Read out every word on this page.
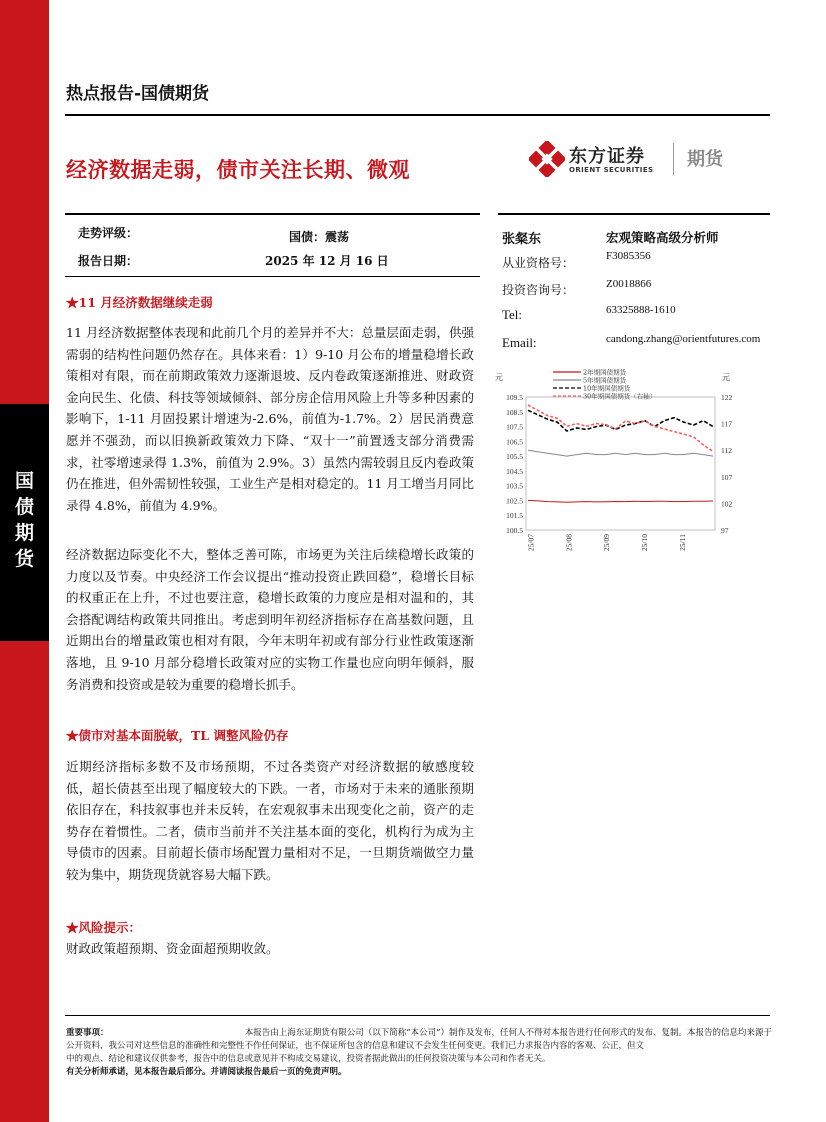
国
债
期
货
热点报告-国债期货
经济数据走弱，债市关注长期、微观
东方证券
ORIENT SECURITIES 期货
走势评级：	国债：震荡
报告日期：	2025 年 12 月 16 日
张粲东	宏观策略高级分析师
从业资格号：	F3085356
投资咨询号：	Z0018866
Tel:	63325888-1610
Email:	candong.zhang@orientfutures.com
★11 月经济数据继续走弱

11 月经济数据整体表现和此前几个月的差异并不大：总量层面走弱，供强需弱的结构性问题仍然存在。具体来看：1）9-10 月公布的增量稳增长政策相对有限，而在前期政策效力逐渐退坡、反内卷政策逐渐推进、财政资金向民生、化债、科技等领域倾斜、部分房企信用风险上升等多种因素的影响下，1-11 月固投累计增速为-2.6%，前值为-1.7%。2）居民消费意愿并不强劲，而以旧换新政策效力下降、“双十一”前置透支部分消费需求，社零增速录得 1.3%，前值为 2.9%。3）虽然内需较弱且反内卷政策仍在推进，但外需韧性较强，工业生产是相对稳定的。11 月工增当月同比录得 4.8%，前值为 4.9%。

经济数据边际变化不大，整体乏善可陈，市场更为关注后续稳增长政策的力度以及节奏。中央经济工作会议提出“推动投资止跌回稳”，稳增长目标的权重正在上升，不过也要注意，稳增长政策的力度应是相对温和的，其会搭配调结构政策共同推出。考虑到明年初经济指标存在高基数问题，且近期出台的增量政策也相对有限，今年末明年初或有部分行业性政策逐渐落地，且 9-10 月部分稳增长政策对应的实物工作量也应向明年倾斜，服务消费和投资或是较为重要的稳增长抓手。

★债市对基本面脱敏，TL 调整风险仍存

近期经济指标多数不及市场预期，不过各类资产对经济数据的敏感度较低，超长债甚至出现了幅度较大的下跌。一者，市场对于未来的通胀预期依旧存在，科技叙事也并未反转，在宏观叙事未出现变化之前，资产的走势存在着惯性。二者，债市当前并不关注基本面的变化，机构行为成为主导债市的因素。目前超长债市场配置力量相对不足，一旦期货端做空力量较为集中，期货现货就容易大幅下跌。

★风险提示：

财政政策超预期、资金面超预期收敛。

元	元
109.5
108.5
107.5
106.5
105.5
104.5
103.5
102.5
101.5
100.5
122
117
112
107
102
97
25/07	25/08	25/09	25/10	25/11
2年期国债期货
5年期国债期货
10年期国债期货
30年期国债期货（右轴）
重要事项：	本报告由上海东证期货有限公司（以下简称“本公司”）制作及发布，任何人不得对本报告进行任何形式的发布、复制。本报告的信息均来源于
公开资料，我公司对这些信息的准确性和完整性不作任何保证，也不保证所包含的信息和建议不会发生任何变更。我们已力求报告内容的客观、公正，但文
中的观点、结论和建议仅供参考，报告中的信息或意见并不构成交易建议，投资者据此做出的任何投资决策与本公司和作者无关。
有关分析师承诺，见本报告最后部分。并请阅读报告最后一页的免责声明。
